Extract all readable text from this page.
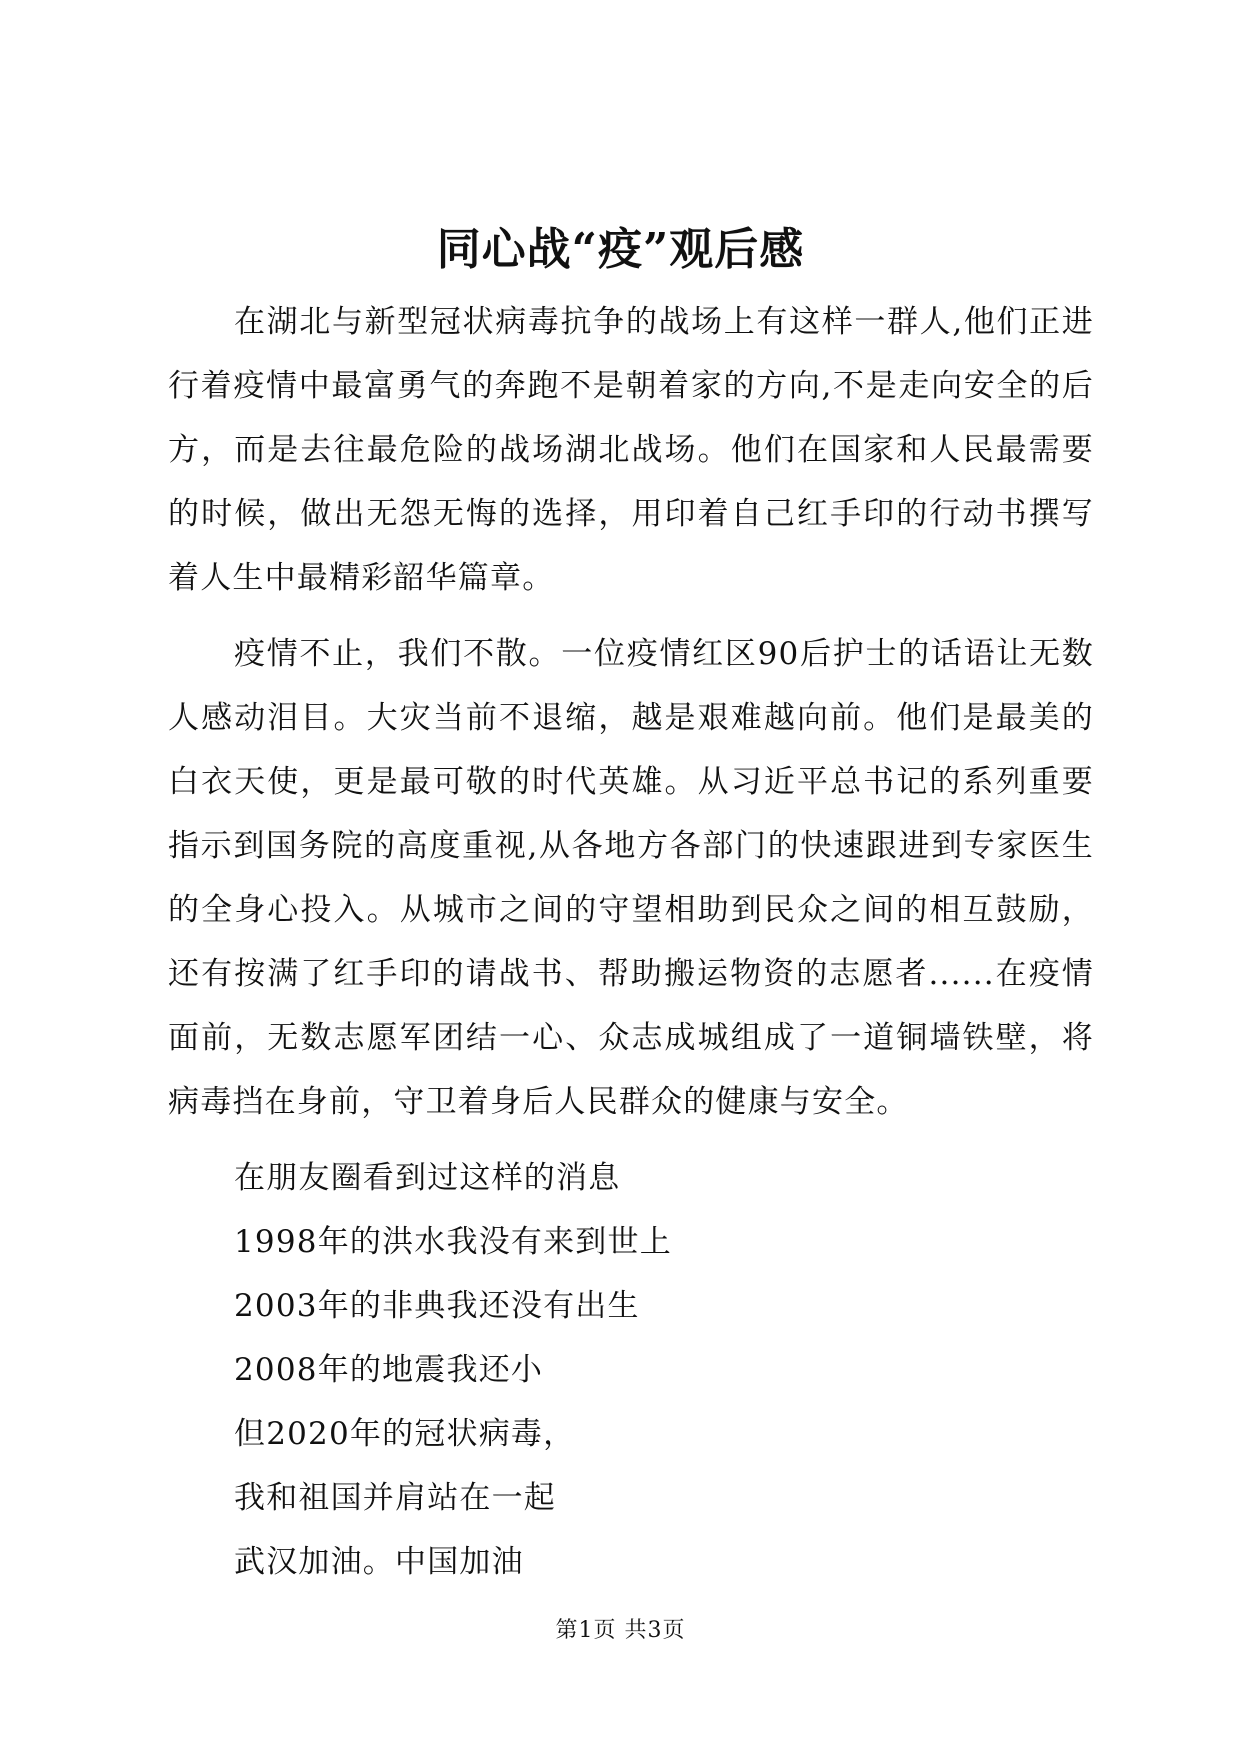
同心战“疫”观后感

在湖北与新型冠状病毒抗争的战场上有这样一群人,他们正进行着疫情中最富勇气的奔跑不是朝着家的方向,不是走向安全的后方，而是去往最危险的战场湖北战场。他们在国家和人民最需要的时候，做出无怨无悔的选择，用印着自己红手印的行动书撰写着人生中最精彩韶华篇章。

疫情不止，我们不散。一位疫情红区90后护士的话语让无数人感动泪目。大灾当前不退缩，越是艰难越向前。他们是最美的白衣天使，更是最可敬的时代英雄。从习近平总书记的系列重要指示到国务院的高度重视,从各地方各部门的快速跟进到专家医生的全身心投入。从城市之间的守望相助到民众之间的相互鼓励，还有按满了红手印的请战书、帮助搬运物资的志愿者......在疫情面前，无数志愿军团结一心、众志成城组成了一道铜墙铁壁，将病毒挡在身前，守卫着身后人民群众的健康与安全。

在朋友圈看到过这样的消息
1998年的洪水我没有来到世上
2003年的非典我还没有出生
2008年的地震我还小
但2020年的冠状病毒，
我和祖国并肩站在一起
武汉加油。中国加油
第1页 共3页
